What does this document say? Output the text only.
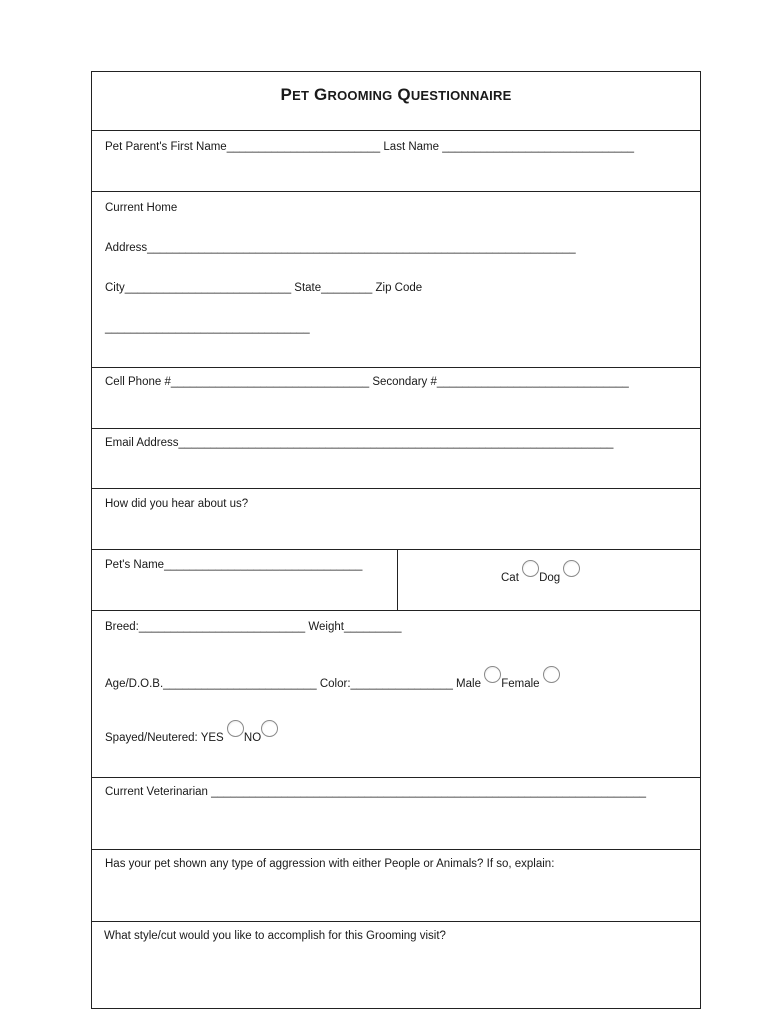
PET GROOMING QUESTIONNAIRE
Pet Parent's First Name________________________ Last Name ______________________________
Current Home
Address___________________________________________________________________
City__________________________ State________ Zip Code
________________________________
Cell Phone #_______________________________ Secondary #______________________________
Email Address____________________________________________________________________
How did you hear about us?
Pet's Name_______________________________
Cat Dog
Breed:__________________________ Weight_________
Age/D.O.B.________________________ Color:________________ Male Female
Spayed/Neutered: YES NO
Current Veterinarian ____________________________________________________________________
Has your pet shown any type of aggression with either People or Animals? If so, explain:
What style/cut would you like to accomplish for this Grooming visit?
